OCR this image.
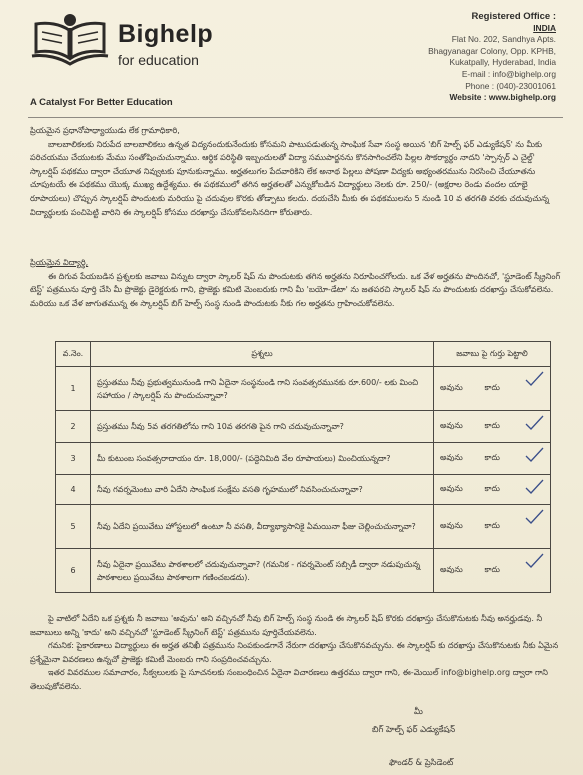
Bighelp
for education
A Catalyst For Better Education
Registered Office :
INDIA
Flat No. 202, Sandhya Apts.
Bhagyanagar Colony, Opp. KPHB,
Kukatpally, Hyderabad, India
E-mail : info@bighelp.org
Phone : (040)-23001061
Website : www.bighelp.org

ప్రియమైన ప్రధానోపాధ్యాయుడు లేక గ్రామాధికారి,

బాలబాలికలకు నిరుపేద బాలబాలికలు ఉన్నత విద్యనందుకునేందుకు కోసమని పాటుపడుతున్న సాంఘిక సేవా సంస్థ అయిన 'బిగ్ హెల్ప్ ఫర్ ఎడ్యుకేషన్' ను మీకు పరిచయము చేయుటకు మేము సంతోషించుచున్నాము. ఆర్థిక పరిస్థితి ఇబ్బందులతో విద్యా సముపార్జనను కొనసాగించలేని పిల్లల సౌకర్యార్థం నాదని 'స్పాన్సర్ ఎ చైల్డ్' స్కాలర్షిప్ పథకము ద్వారా చేయూత నివ్వుటకు పూనుకున్నాము. అర్హతలుగల పేదవారికిని లేక అనాథ పిల్లలు పోషణా విద్యకు అభ్యంతరమును నిరసించి చేయూతను చూపుటయే ఈ పథకము యొక్క ముఖ్య ఉద్దేశ్యము. ఈ పథకములో తగిన అర్హతలతో ఎన్నుకోబడిన విద్యార్థులు నెలకు రూ. 250/- (అక్షరాల రెండు వందల యాభై రూపాయలు) చొప్పున స్కాలర్షిప్ పొందుటకు మరియు పై చదువుల కొరకు తోడ్పాటు కలదు. దయచేసి మీకు ఈ పథకములను 5 నుండి 10 వ తరగతి వరకు చదువుచున్న విద్యార్థులకు పంచిపెట్టి వారిని ఈ స్కాలర్షిప్ కోసము దరఖాస్తు చేసుకోవలసినదిగా కోరుతారు.

ప్రియమైన విద్యార్థి,

ఈ దిగువ పేయబడిన ప్రశ్నలకు జవాబు విన్నుట ద్వారా స్కాలర్ షిప్ ను పొందుటకు తగిన అర్హతను నిరూపించగోలదు. ఒక వేళ అర్హతను పొందినచో, 'స్టూడెంట్ స్క్రీనింగ్ టెస్ట్' పత్రమును పూర్తి చేసి మీ ప్రొజెక్టు డైరెక్టరుకు గాని, ప్రొజెక్టు కమిటి మెంబరుకు గాని మీ 'బయో-డేటా' ను జతపరచి స్కాలర్ షిప్ ను పొందుటకు దరఖాస్తు చేసుకోవలెను. మరియు ఒక వేళ జాగుతమున్న ఈ స్కాలర్షిప్ బిగ్ హెల్ప్ సంస్థ నుండి పొందుటకు నీకు గల అర్హతను గ్రాహించుకోవలెను.

వ.నెం.	ప్రశ్నలు	జవాబు పై గుర్తు పెట్టాలి
1	ప్రస్తుతము నీవు ప్రభుత్వమునుండి గాని ఏదైనా సంస్థనుండి గాని సంవత్సరమునకు రూ.600/- లకు మించి సహాయం / స్కాలర్షిప్ ను పొందుచున్నావా?	అవును కాదు

2	ప్రస్తుతము నీవు 5వ తరగతిలోను గాని 10వ తరగతి పైన గాని చదువుచున్నావా?	అవును కాదు

3	మీ కుటుంబ సంవత్సరాదాయం రూ. 18,000/- (పద్దెనిమిది వేల రూపాయలు) మించియున్నదా?	అవును కాదు

4	నీవు గవర్నమెంటు వారి ఏదేని సాంఘిక సంక్షేమ వసతి గృహములో నివసించుచున్నావా?	అవును కాదు

5	నీవు ఏదేని ప్రయివేటు హోస్టలులో ఉంటూ నీ వసతి, వీద్యాభ్యాసానికై ఏమయినా ఫీజు చెల్లించుచున్నావా?	అవును కాదు

6	నీవు ఏదైనా ప్రయివేటు పాఠశాలలో చదువుచున్నావా? (గమనిక - గవర్నమెంట్ సబ్సిడీ ద్వారా నడుపుచున్న పాఠశాలలు ప్రయివేటు పాఠశాలగా గణించబడదు).	అవును కాదు

పై వాటిలో ఏదేని ఒక ప్రశ్నకు నీ జవాబు 'అవును' అని వచ్చినచో నీవు బిగ్ హెల్ప్ సంస్థ నుండి ఈ స్కాలర్ షిప్ కొరకు దరఖాస్తు చేసుకొనుటకు నీవు అనర్హుడవు. నీ జవాబులు అన్ని 'కాదు' అని వచ్చినచో 'స్టూడెంట్ స్క్రీనింగ్ టెస్ట్' పత్రమును పూర్తిచేయవలెను.

గమనిక: పైకారణాలు విద్యార్థులు ఈ అర్హత తనిఖీ పత్రమును నింపకుండగానే నేరుగా దరఖాస్తు చేసుకొనవచ్చును. ఈ స్కాలర్షిప్ కు దరఖాస్తు చేసుకొనుటకు నీకు ఏమైన ప్రశ్నేమైనా వివరణలు ఉన్నచో ప్రాజెక్టు కమిటీ మెంబరు గాని సంప్రదించవచ్చును.

ఇతర వివరముల సమాచారం, సీక్వలులకు పై సూచనలకు సంబంధించిన ఏదైనా విచారణలు ఉత్తరము ద్వారా గాని, ఈ-మెయిల్ info@bighelp.org ద్వారా గాని తెలుపుకోవలెను.

మీ
బిగ్ హెల్ప్ ఫర్ ఎడ్యుకేషన్
ఫౌండర్ & ప్రెసిడెంట్
